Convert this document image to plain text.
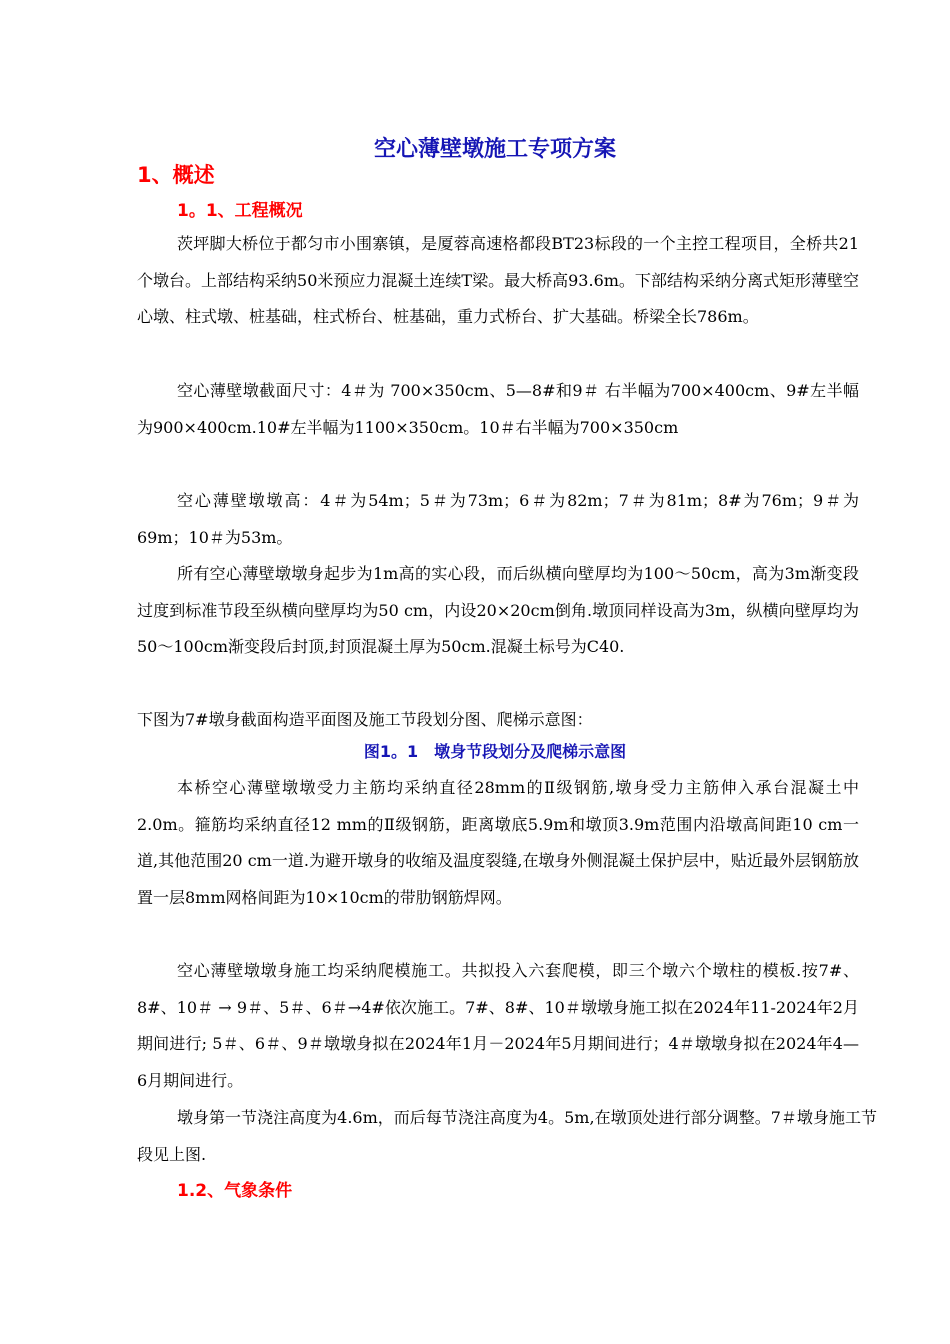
空心薄壁墩施工专项方案
1、概述
1。1、工程概况

茨坪脚大桥位于都匀市小围寨镇，是厦蓉高速格都段BT23标段的一个主控工程项目，全桥共21个墩台。上部结构采纳50米预应力混凝土连续T梁。最大桥高93.6m。下部结构采纳分离式矩形薄壁空心墩、柱式墩、桩基础，柱式桥台、桩基础，重力式桥台、扩大基础。桥梁全长786m。

空心薄壁墩截面尺寸：4＃为 700×350cm、5—8#和9＃ 右半幅为700×400cm、9#左半幅为900×400cm.10#左半幅为1100×350cm。10＃右半幅为700×350cm

空心薄壁墩墩高：4＃为54m；5＃为73m；6＃为82m；7＃为81m；8#为76m；9＃为69m；10＃为53m。

所有空心薄壁墩墩身起步为1m高的实心段，而后纵横向壁厚均为100～50cm，高为3m渐变段过度到标准节段至纵横向壁厚均为50 cm，内设20×20cm倒角.墩顶同样设高为3m，纵横向壁厚均为50～100cm渐变段后封顶,封顶混凝土厚为50cm.混凝土标号为C40.

下图为7#墩身截面构造平面图及施工节段划分图、爬梯示意图：

图1。1　墩身节段划分及爬梯示意图

本桥空心薄壁墩墩受力主筋均采纳直径28mm的Ⅱ级钢筋,墩身受力主筋伸入承台混凝土中2.0m。箍筋均采纳直径12 mm的Ⅱ级钢筋，距离墩底5.9m和墩顶3.9m范围内沿墩高间距10 cm一道,其他范围20 cm一道.为避开墩身的收缩及温度裂缝,在墩身外侧混凝土保护层中，贴近最外层钢筋放置一层8mm网格间距为10×10cm的带肋钢筋焊网。

空心薄壁墩墩身施工均采纳爬模施工。共拟投入六套爬模，即三个墩六个墩柱的模板.按7#、8#、10＃ → 9＃、5＃、6＃→4#依次施工。7#、8#、10＃墩墩身施工拟在2024年11-2024年2月期间进行; 5＃、6＃、9＃墩墩身拟在2024年1月－2024年5月期间进行；4＃墩墩身拟在2024年4—6月期间进行。

墩身第一节浇注高度为4.6m，而后每节浇注高度为4。5m,在墩顶处进行部分调整。7＃墩身施工节段见上图.

1.2、气象条件
